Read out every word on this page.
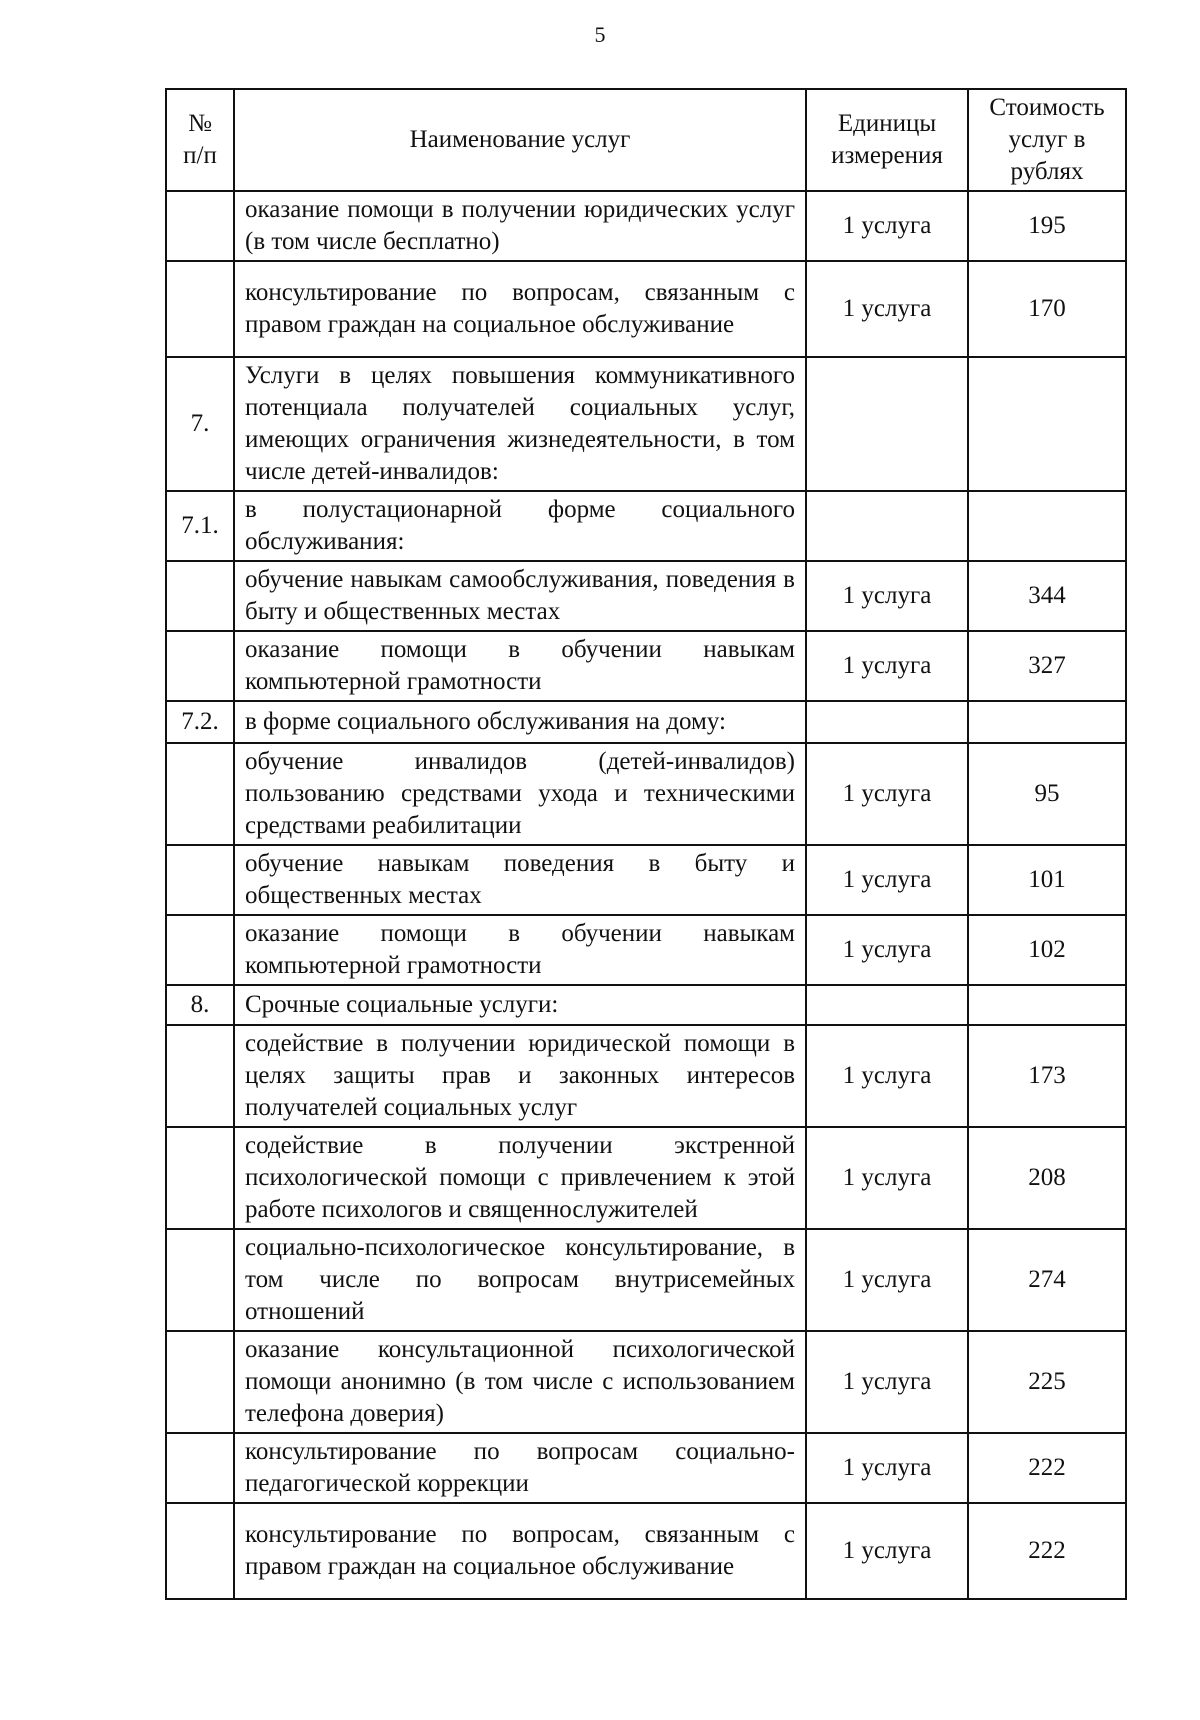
5
№ п/п	Наименование услуг	Единицы измерения	Стоимость услуг в рублях
	оказание помощи в получении юридических услуг (в том числе бесплатно)	1 услуга	195
	консультирование по вопросам, связанным с правом граждан на социальное обслуживание	1 услуга	170
7.	Услуги в целях повышения коммуникативного потенциала получателей социальных услуг, имеющих ограничения жизнедеятельности, в том числе детей-инвалидов:		
7.1.	в полустационарной форме социального обслуживания:		
	обучение навыкам самообслуживания, поведения в быту и общественных местах	1 услуга	344
	оказание помощи в обучении навыкам компьютерной грамотности	1 услуга	327
7.2.	в форме социального обслуживания на дому:		
	обучение инвалидов (детей-инвалидов) пользованию средствами ухода и техническими средствами реабилитации	1 услуга	95
	обучение навыкам поведения в быту и общественных местах	1 услуга	101
	оказание помощи в обучении навыкам компьютерной грамотности	1 услуга	102
8.	Срочные социальные услуги:		
	содействие в получении юридической помощи в целях защиты прав и законных интересов получателей социальных услуг	1 услуга	173
	содействие в получении экстренной психологической помощи с привлечением к этой работе психологов и священнослужителей	1 услуга	208
	социально-психологическое консультирование, в том числе по вопросам внутрисемейных отношений	1 услуга	274
	оказание консультационной психологической помощи анонимно (в том числе с использованием телефона доверия)	1 услуга	225
	консультирование по вопросам социально-педагогической коррекции	1 услуга	222
	консультирование по вопросам, связанным с правом граждан на социальное обслуживание	1 услуга	222
